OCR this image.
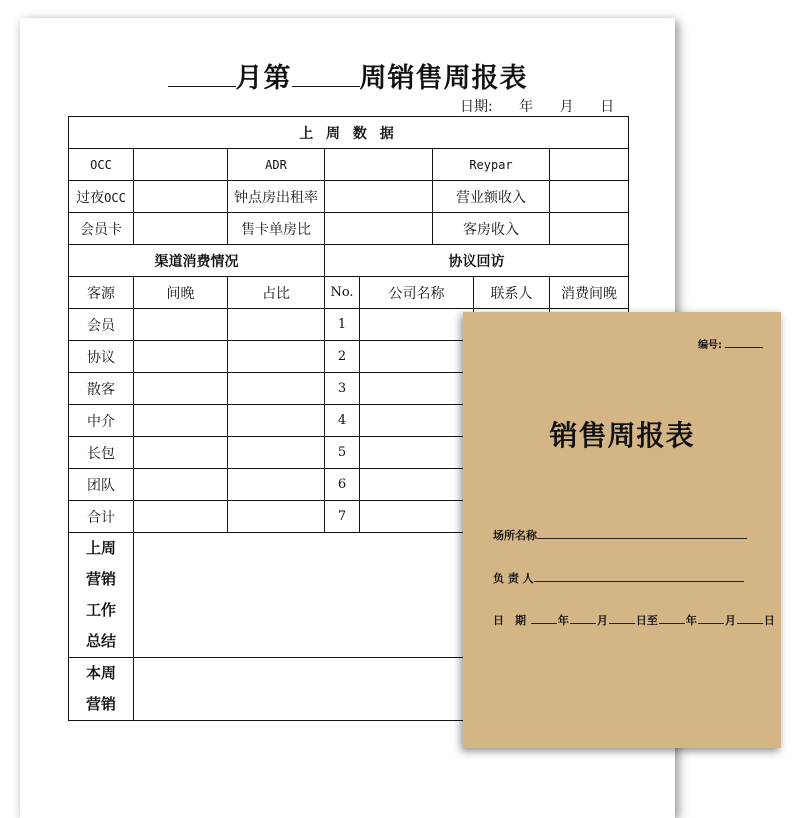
月第	周销售周报表
日期: 年 月 日
上 周 数 据							
OCC		ADR			Reypar		
过夜OCC		钟点房出租率			营业额收入		
会员卡		售卡单房比			客房收入		
渠道消费情况			协议回访				
客源	间晚	占比	No.	公司名称		联系人	消费间晚
会员			1				
协议			2				
散客			3				
中介			4				
长包			5				
团队			6				
合计			7				

上周
营销
工作
总结							

本周
营销							

编号:
销售周报表
场所名称
负 责 人
日　期	年	月	日至	年	月	日
